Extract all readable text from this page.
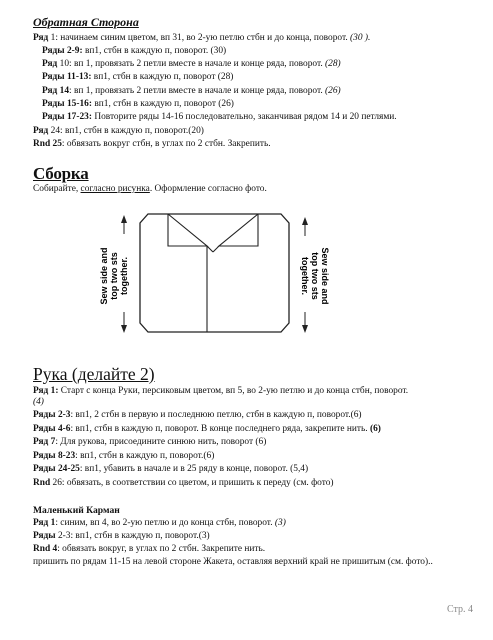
Обратная Сторона
Ряд 1: начинаем синим цветом, вп 31, во 2-ую петлю стбн и до конца, поворот. (30 ).
Ряды 2-9: вп1, стбн в каждую п, поворот. (30)
Ряд 10: вп 1, провязать 2 петли вместе в начале и конце ряда, поворот. (28)
Ряды 11-13: вп1, стбн в каждую п, поворот (28)
Ряд 14: вп 1, провязать 2 петли вместе в начале и конце ряда, поворот. (26)
Ряды 15-16: вп1, стбн в каждую п, поворот (26)
Ряды 17-23: Повторите ряды 14-16 последовательно, заканчивая рядом 14 и 20 петлями.
Ряд 24: вп1, стбн в каждую п, поворот.(20)
Rnd 25: обвязать вокруг стбн, в углах по 2 стбн. Закрепить.
Сборка
Собирайте, согласно рисунка. Оформление согласно фото.
Sew side and top two sts together.	Sew side and
top two sts
together.
Рука (делайте 2)
Ряд 1: Старт с конца Руки, персиковым цветом, вп 5, во 2-ую петлю и до конца стбн, поворот.
(4)
Ряды 2-3: вп1, 2 стбн в первую и последнюю петлю, стбн в каждую п, поворот.(6)
Ряды 4-6: вп1, стбн в каждую п, поворот. В конце последнего ряда, закрепите нить. (6)
Ряд 7: Для рукова, присоедините синюю нить, поворот (6)
Ряды 8-23: вп1, стбн в каждую п, поворот.(6)
Ряды 24-25: вп1, убавить в начале и в 25 ряду в конце, поворот. (5,4)
Rnd 26: обвязать, в соответствии со цветом, и пришить к переду (см. фото)
Маленький Карман
Ряд 1: синим, вп 4, во 2-ую петлю и до конца стбн, поворот. (3)
Ряды 2-3: вп1, стбн в каждую п, поворот.(3)
Rnd 4: обвязать вокруг, в углах по 2 стбн. Закрепите нить.
пришить по рядам 11-15 на левой стороне Жакета, оставляя верхний край не пришитым (см. фото)..
Стр. 4
